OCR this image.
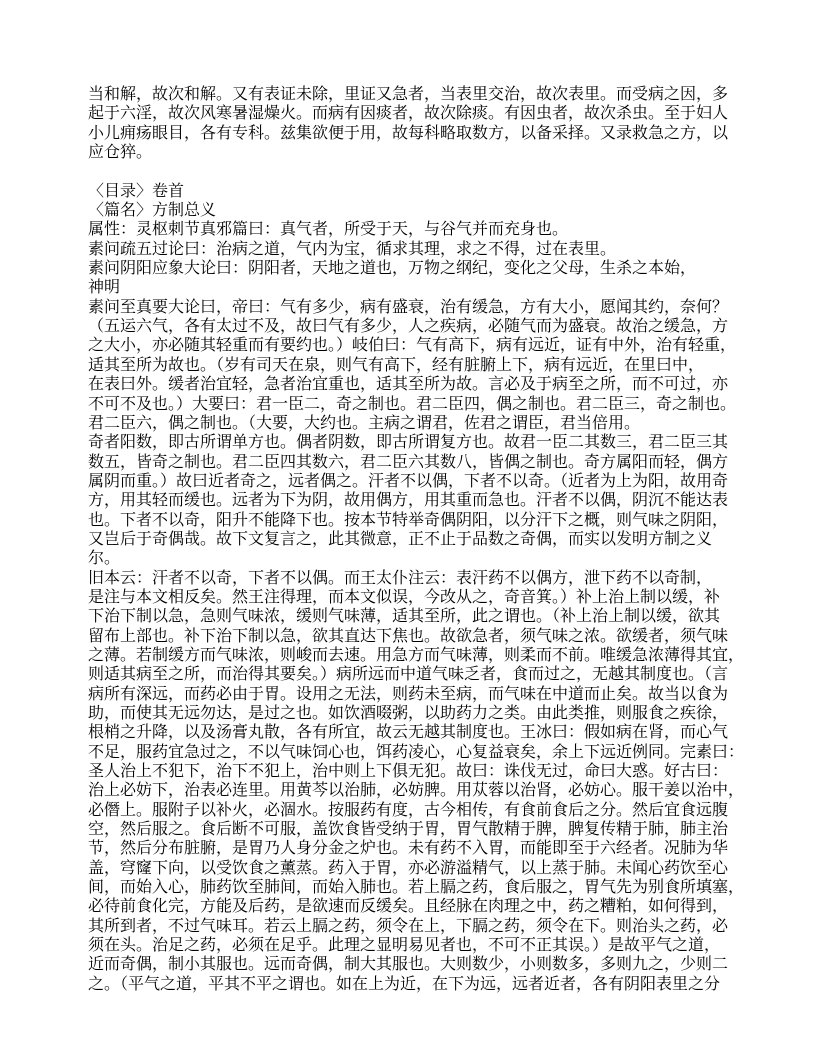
当和解，故次和解。又有表证未除，里证又急者，当表里交治，故次表里。而受病之因，多
起于六淫，故次风寒暑湿燥火。而病有因痰者，故次除痰。有因虫者，故次杀虫。至于妇人
小儿痈疡眼目，各有专科。兹集欲便于用，故每科略取数方，以备采择。又录救急之方，以
应仓猝。
〈目录〉卷首
〈篇名〉方制总义
属性：灵枢刺节真邪篇曰：真气者，所受于天，与谷气并而充身也。
素问疏五过论曰：治病之道，气内为宝，循求其理，求之不得，过在表里。
素问阴阳应象大论曰：阴阳者，天地之道也，万物之纲纪，变化之父母，生杀之本始，
神明
素问至真要大论曰，帝曰：气有多少，病有盛衰，治有缓急，方有大小，愿闻其约，奈何？
（五运六气，各有太过不及，故曰气有多少，人之疾病，必随气而为盛衰。故治之缓急，方
之大小，亦必随其轻重而有要约也。）岐伯曰：气有高下，病有远近，证有中外，治有轻重，
适其至所为故也。（岁有司天在泉，则气有高下，经有脏腑上下，病有远近，在里曰中，
在表曰外。缓者治宜轻，急者治宜重也，适其至所为故。言必及于病至之所，而不可过，亦
不可不及也。）大要曰：君一臣二，奇之制也。君二臣四，偶之制也。君二臣三，奇之制也。
君二臣六，偶之制也。（大要，大约也。主病之谓君，佐君之谓臣，君当倍用。
奇者阳数，即古所谓单方也。偶者阴数，即古所谓复方也。故君一臣二其数三，君二臣三其
数五，皆奇之制也。君二臣四其数六，君二臣六其数八，皆偶之制也。奇方属阳而轻，偶方
属阴而重。）故曰近者奇之，远者偶之。汗者不以偶，下者不以奇。（近者为上为阳，故用奇
方，用其轻而缓也。远者为下为阴，故用偶方，用其重而急也。汗者不以偶，阴沉不能达表
也。下者不以奇，阳升不能降下也。按本节特举奇偶阴阳，以分汗下之概，则气味之阴阳，
又岂后于奇偶哉。故下文复言之，此其微意，正不止于品数之奇偶，而实以发明方制之义
尔。
旧本云：汗者不以奇，下者不以偶。而王太仆注云：表汗药不以偶方，泄下药不以奇制，
是注与本文相反矣。然王注得理，而本文似误，今改从之，奇音箕。）补上治上制以缓，补
下治下制以急，急则气味浓，缓则气味薄，适其至所，此之谓也。（补上治上制以缓，欲其
留布上部也。补下治下制以急，欲其直达下焦也。故欲急者，须气味之浓。欲缓者，须气味
之薄。若制缓方而气味浓，则峻而去速。用急方而气味薄，则柔而不前。唯缓急浓薄得其宜，
则适其病至之所，而治得其要矣。）病所远而中道气味乏者，食而过之，无越其制度也。（言
病所有深远，而药必由于胃。设用之无法，则药未至病，而气味在中道而止矣。故当以食为
助，而使其无远勿达，是过之也。如饮酒啜粥，以助药力之类。由此类推，则服食之疾徐，
根梢之升降，以及汤膏丸散，各有所宜，故云无越其制度也。王冰曰：假如病在肾，而心气
不足，服药宜急过之，不以气味饲心也，饵药凌心，心复益衰矣，余上下远近例同。完素曰：
圣人治上不犯下，治下不犯上，治中则上下俱无犯。故曰：诛伐无过，命曰大惑。好古曰：
治上必妨下，治表必连里。用黄芩以治肺，必妨脾。用苁蓉以治肾，必妨心。服干姜以治中，
必僭上。服附子以补火，必涸水。按服药有度，古今相传，有食前食后之分。然后宜食远腹
空，然后服之。食后断不可服，盖饮食皆受纳于胃，胃气散精于脾，脾复传精于肺，肺主治
节，然后分布脏腑，是胃乃人身分金之炉也。未有药不入胃，而能即至于六经者。况肺为华
盖，穹窿下向，以受饮食之薰蒸。药入于胃，亦必游溢精气，以上蒸于肺。未闻心药饮至心
间，而始入心，肺药饮至肺间，而始入肺也。若上膈之药，食后服之，胃气先为别食所填塞，
必待前食化完，方能及后药，是欲速而反缓矣。且经脉在肉理之中，药之糟粕，如何得到，
其所到者，不过气味耳。若云上膈之药，须令在上，下膈之药，须令在下。则治头之药，必
须在头。治足之药，必须在足乎。此理之显明易见者也，不可不正其误。）是故平气之道，
近而奇偶，制小其服也。远而奇偶，制大其服也。大则数少，小则数多，多则九之，少则二
之。（平气之道，平其不平之谓也。如在上为近，在下为远，远者近者，各有阴阳表里之分
